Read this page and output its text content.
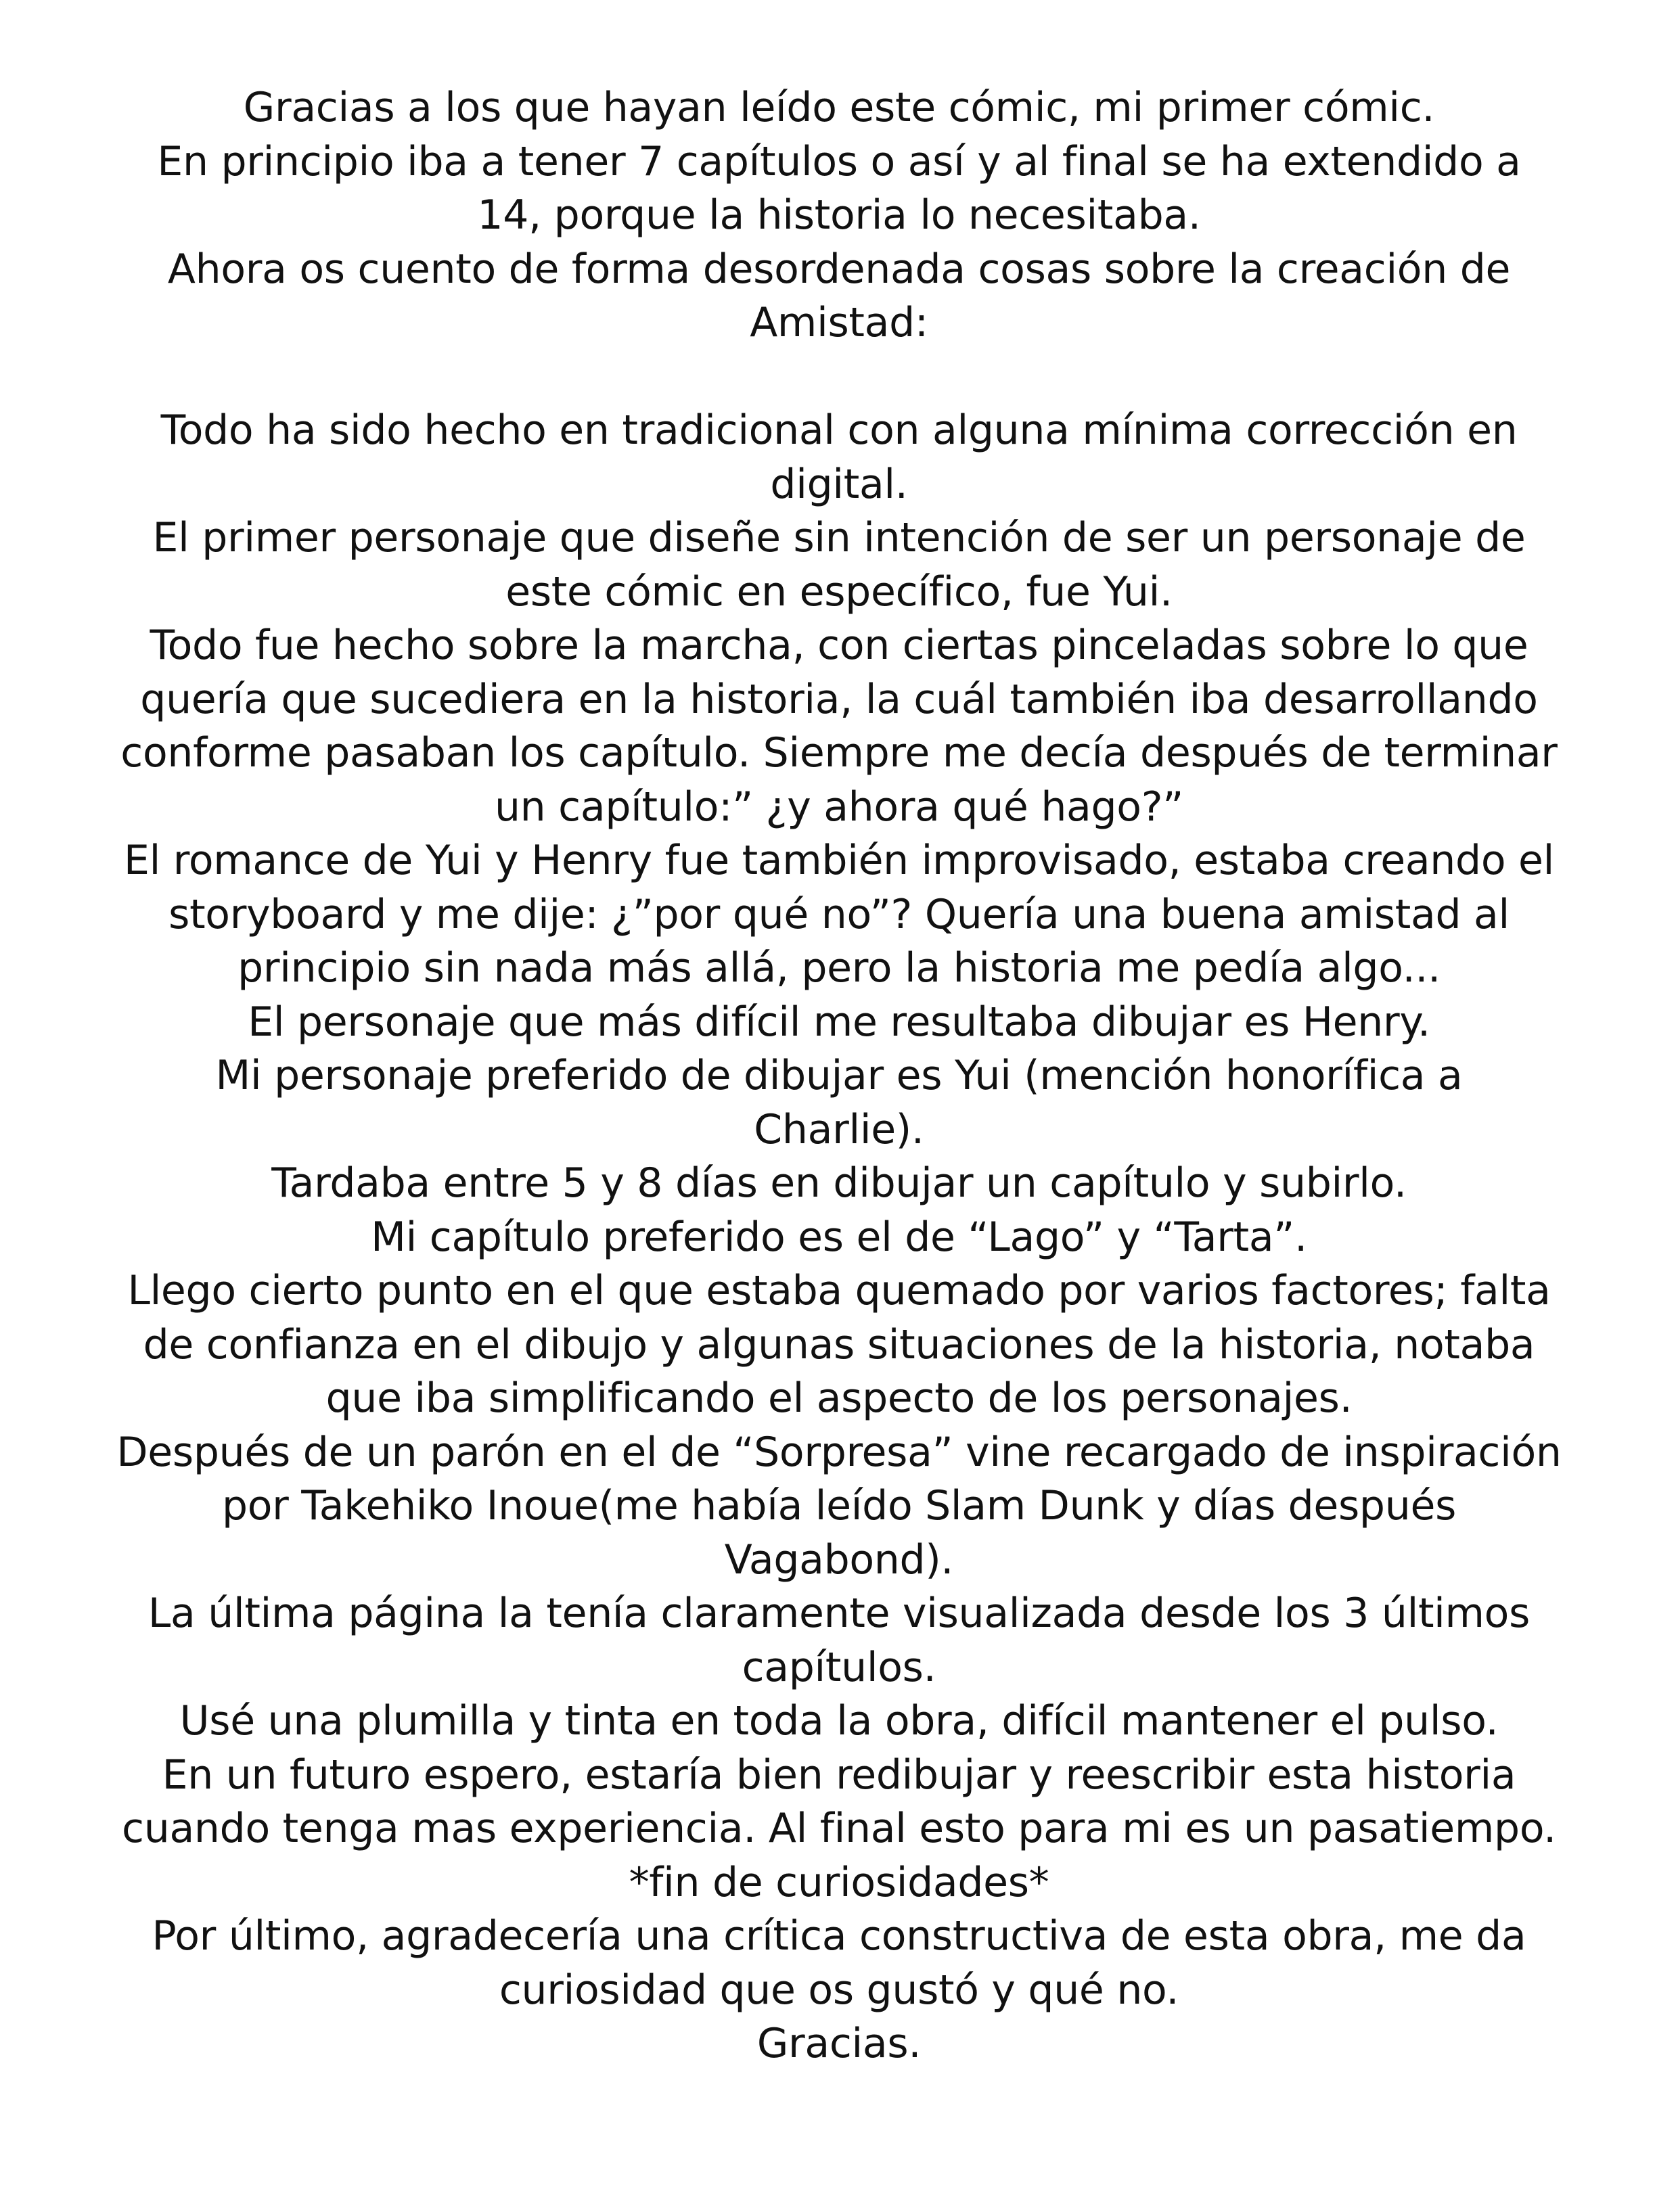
Gracias a los que hayan leído este cómic, mi primer cómic.
En principio iba a tener 7 capítulos o así y al final se ha extendido a
14, porque la historia lo necesitaba.
Ahora os cuento de forma desordenada cosas sobre la creación de
Amistad:
Todo ha sido hecho en tradicional con alguna mínima corrección en
digital.
El primer personaje que diseñe sin intención de ser un personaje de
este cómic en específico, fue Yui.
Todo fue hecho sobre la marcha, con ciertas pinceladas sobre lo que
quería que sucediera en la historia, la cuál también iba desarrollando
conforme pasaban los capítulo. Siempre me decía después de terminar
un capítulo:” ¿y ahora qué hago?”
El romance de Yui y Henry fue también improvisado, estaba creando el
storyboard y me dije: ¿”por qué no”? Quería una buena amistad al
principio sin nada más allá, pero la historia me pedía algo...
El personaje que más difícil me resultaba dibujar es Henry.
Mi personaje preferido de dibujar es Yui (mención honorífica a
Charlie).
Tardaba entre 5 y 8 días en dibujar un capítulo y subirlo.
Mi capítulo preferido es el de “Lago” y “Tarta”.
Llego cierto punto en el que estaba quemado por varios factores; falta
de confianza en el dibujo y algunas situaciones de la historia, notaba
que iba simplificando el aspecto de los personajes.
Después de un parón en el de “Sorpresa” vine recargado de inspiración
por Takehiko Inoue(me había leído Slam Dunk y días después
Vagabond).
La última página la tenía claramente visualizada desde los 3 últimos
capítulos.
Usé una plumilla y tinta en toda la obra, difícil mantener el pulso.
En un futuro espero, estaría bien redibujar y reescribir esta historia
cuando tenga mas experiencia. Al final esto para mi es un pasatiempo.
*fin de curiosidades*
Por último, agradecería una crítica constructiva de esta obra, me da
curiosidad que os gustó y qué no.
Gracias.
